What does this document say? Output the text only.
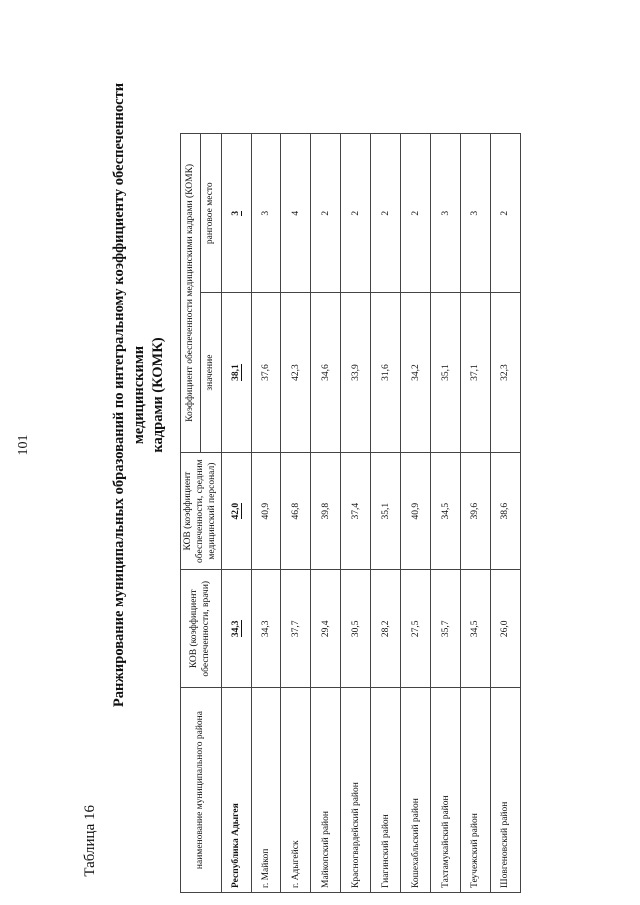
101
Таблица 16
Ранжирование муниципальных образований по интегральному коэффициенту обеспеченности медицинскими кадрами (КОМК)
наименование муниципального района	КОВ (коэффициент обеспеченности, врачи)	КОВ (коэффициент обеспеченности, средним медицинский персонал)	Коэффициент обеспеченности медицинскими кадрами (КОМК)	
			значение	ранговое место
Республика Адыгея	34,3	42,0	38,1	3
г. Майкоп	34,3	40,9	37,6	3
г. Адыгейск	37,7	46,8	42,3	4
Майкопский район	29,4	39,8	34,6	2
Красногвардейский район	30,5	37,4	33,9	2
Гиагинский район	28,2	35,1	31,6	2
Кошехабльский район	27,5	40,9	34,2	2
Тахтамукайский район	35,7	34,5	35,1	3
Теучежский район	34,5	39,6	37,1	3
Шовгеновский район	26,0	38,6	32,3	2
